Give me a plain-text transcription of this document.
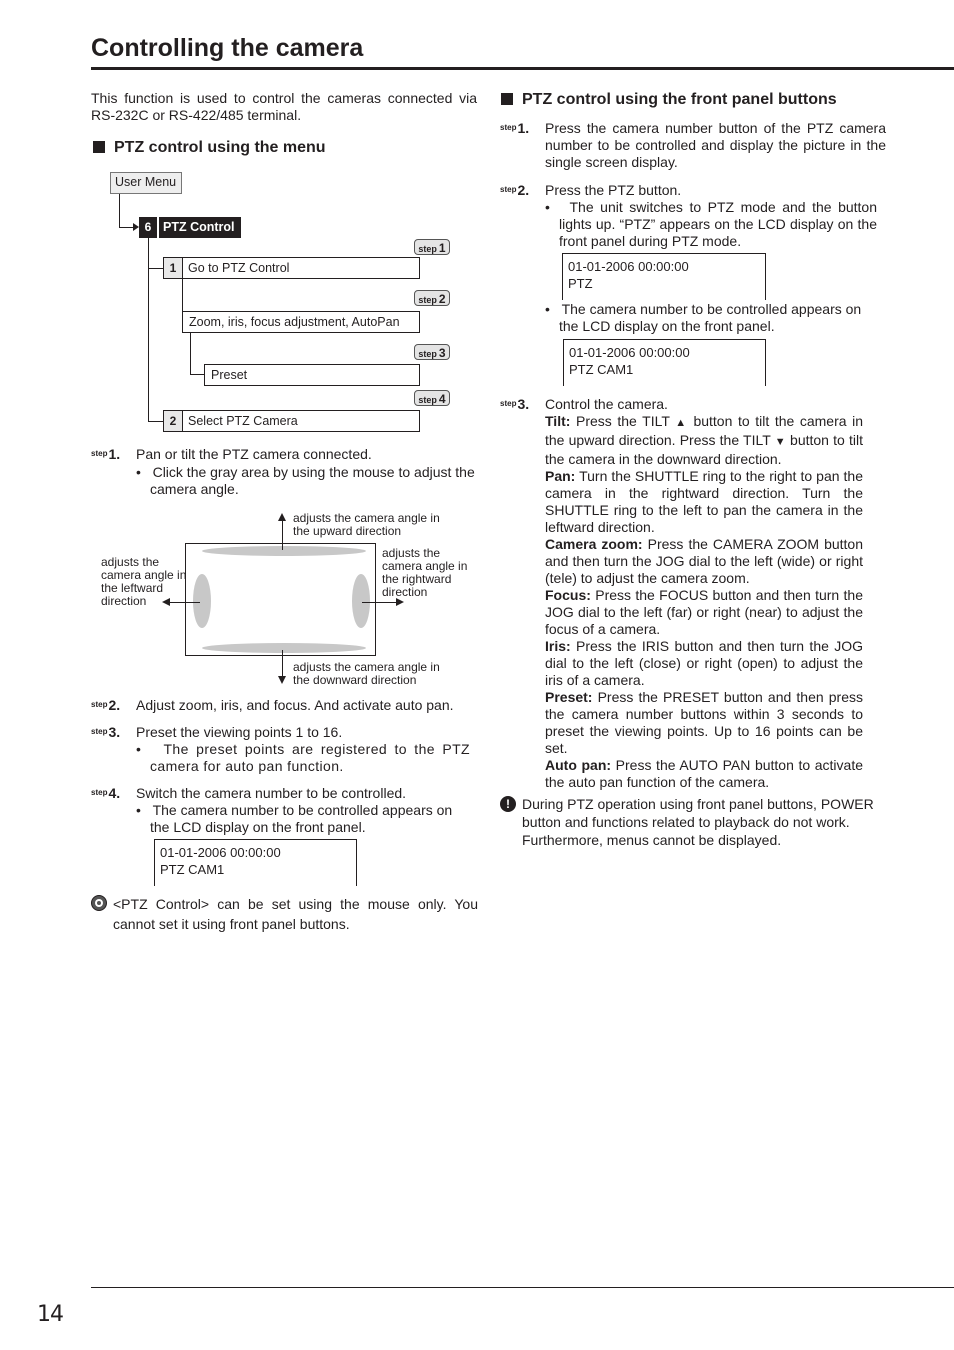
Controlling the camera
This function is used to control the cameras connected via RS-232C or RS-422/485 terminal.
PTZ control using the menu
User Menu
6 PTZ Control
step 1
1 Go to PTZ Control
step 2
Zoom, iris, focus adjustment, AutoPan
step 3
Preset
step 4
2 Select PTZ Camera
$^{step}$1. Pan or tilt the PTZ camera connected.
•   Click the gray area by using the mouse to adjust the camera angle.
adjusts the camera angle in the upward direction
adjusts the camera angle in the leftward direction
adjusts the camera angle in the rightward direction
adjusts the camera angle in the downward direction
$^{step}$2. Adjust zoom, iris, and focus. And activate auto pan.
$^{step}$3. Preset the viewing points 1 to 16.
•   The preset points are registered to the PTZ camera for auto pan function.
$^{step}$4. Switch the camera number to be controlled.
•   The camera number to be controlled appears on the LCD display on the front panel.
01-01-2006 00:00:00
PTZ CAM1
<PTZ Control> can be set using the mouse only. You cannot set it using front panel buttons.
PTZ control using the front panel buttons
$^{step}$1. Press the camera number button of the PTZ camera number to be controlled and display the picture in the single screen display.
$^{step}$2. Press the PTZ button.
•   The unit switches to PTZ mode and the button lights up. “PTZ” appears on the LCD display on the front panel during PTZ mode.
01-01-2006 00:00:00
PTZ
•   The camera number to be controlled appears on the LCD display on the front panel.
01-01-2006 00:00:00
PTZ CAM1
$^{step}$3. Control the camera.
Tilt: Press the TILT ▲ button to tilt the camera in the upward direction. Press the TILT ▼ button to tilt the camera in the downward direction.
Pan: Turn the SHUTTLE ring to the right to pan the camera in the rightward direction. Turn the SHUTTLE ring to the left to pan the camera in the leftward direction.
Camera zoom: Press the CAMERA ZOOM button and then turn the JOG dial to the left (wide) or right (tele) to adjust the camera zoom.
Focus: Press the FOCUS button and then turn the JOG dial to the left (far) or right (near) to adjust the focus of a camera.
Iris: Press the IRIS button and then turn the JOG dial to the left (close) or right (open) to adjust the iris of a camera.
Preset: Press the PRESET button and then press the camera number buttons within 3 seconds to preset the viewing points. Up to 16 points can be set.
Auto pan: Press the AUTO PAN button to activate the auto pan function of the camera.
! During PTZ operation using front panel buttons, POWER button and functions related to playback do not work. Furthermore, menus cannot be displayed.
14
